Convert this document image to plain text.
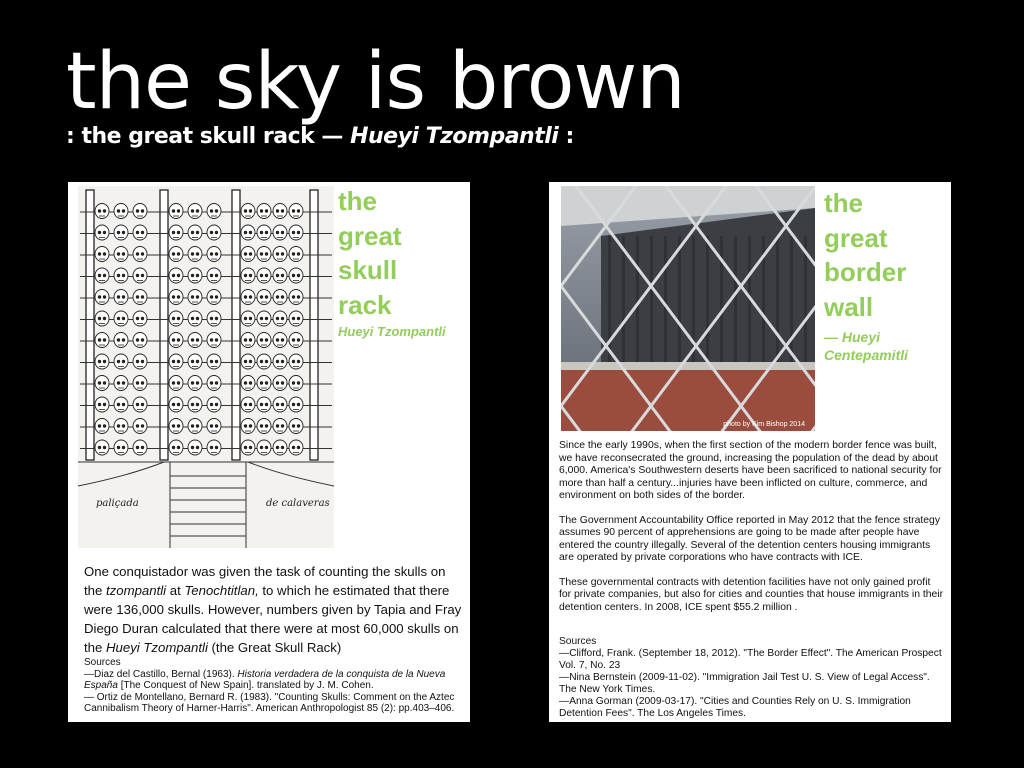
the sky is brown
: the great skull rack — Hueyi Tzompantli :
paliçada	de calaveras
the
great
skull
rack
Hueyi Tzompantli
One conquistador was given the task of counting the skulls on the tzompantli at Tenochtitlan, to which he estimated that there were 136,000 skulls. However, numbers given by Tapia and Fray Diego Duran calculated that there were at most 60,000 skulls on the Hueyi Tzompantli (the Great Skull Rack)
Sources
—Diaz del Castillo, Bernal (1963). Historia verdadera de la conquista de la Nueva España [The Conquest of New Spain]. translated by J. M. Cohen.
— Ortiz de Montellano, Bernard R. (1983). "Counting Skulls: Comment on the Aztec Cannibalism Theory of Harner-Harris". American Anthropologist 85 (2): pp.403–406.
photo by Kim Bishop 2014
the
great
border
wall
— Hueyi
Centepamitli
Since the early 1990s, when the first section of the modern border fence was built, we have reconsecrated the ground, increasing the population of the dead by about 6,000. America's Southwestern deserts have been sacrificed to national security for more than half a century...injuries have been inflicted on culture, commerce, and environment on both sides of the border.
The Government Accountability Office reported in May 2012 that the fence strategy assumes 90 percent of apprehensions are going to be made after people have entered the country illegally. Several of the detention centers housing immigrants are operated by private corporations who have contracts with ICE.
These governmental contracts with detention facilities have not only gained profit for private companies, but also for cities and counties that house immigrants in their detention centers. In 2008, ICE spent $55.2 million .
Sources
—Clifford, Frank. (September 18, 2012). "The Border Effect". The American Prospect Vol. 7, No. 23
—Nina Bernstein (2009-11-02). "Immigration Jail Test U. S. View of Legal Access". The New York Times.
—Anna Gorman (2009-03-17). "Cities and Counties Rely on U. S. Immigration Detention Fees". The Los Angeles Times.
